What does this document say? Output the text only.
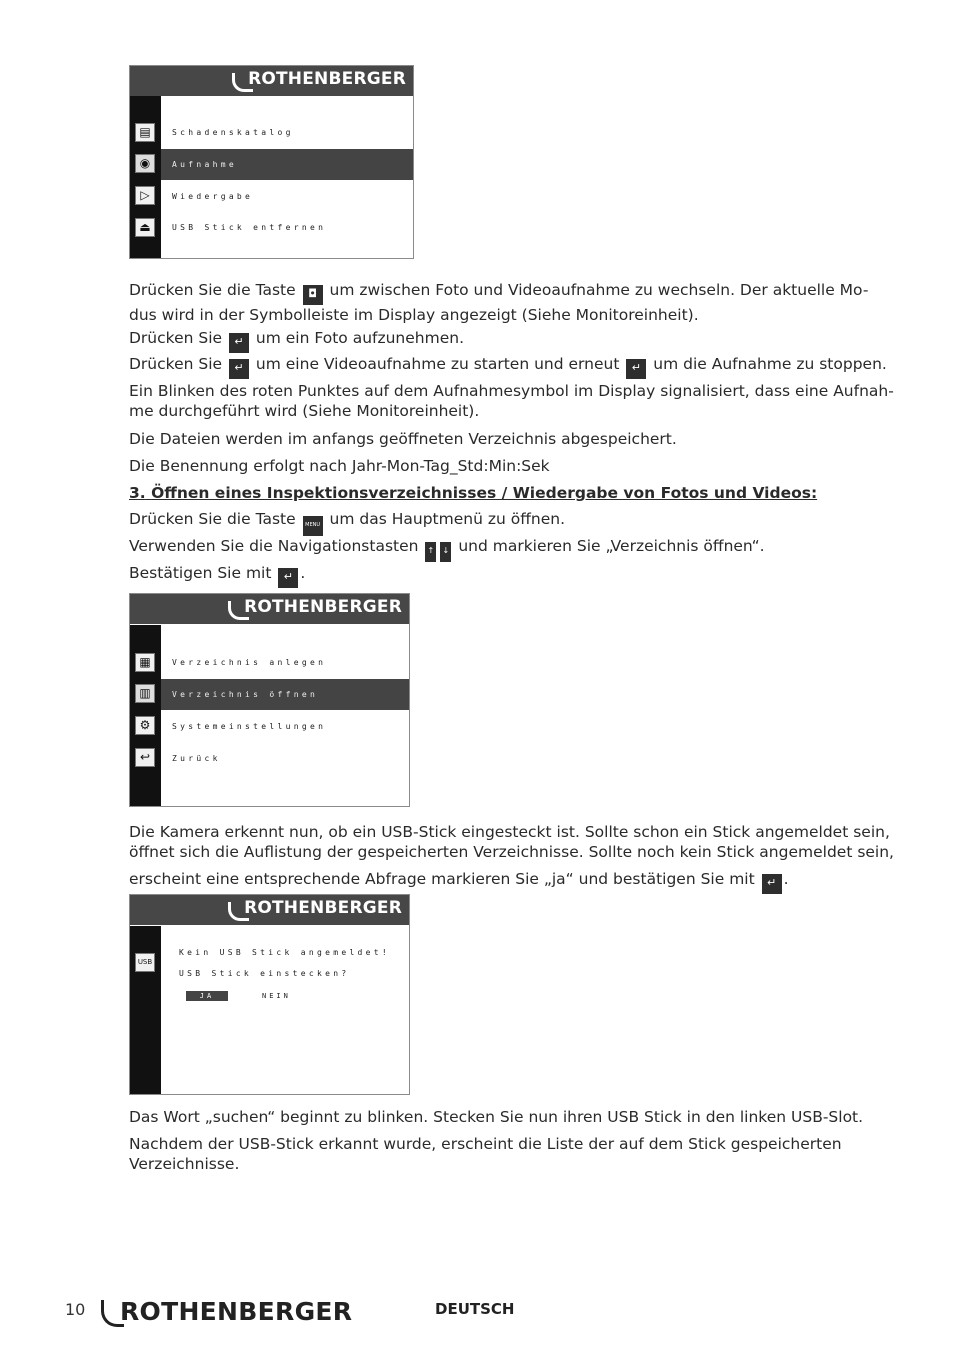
ROTHENBERGER
▤
◉
▷
⏏
Schadenskatalog
Aufnahme
Wiedergabe
USB Stick entfernen
Drücken Sie die Taste ◘ um zwischen Foto und Videoaufnahme zu wechseln. Der aktuelle Mo-
dus wird in der Symbolleiste im Display angezeigt (Siehe Monitoreinheit).
Drücken Sie ↵ um ein Foto aufzunehmen.
Drücken Sie ↵ um eine Videoaufnahme zu starten und erneut ↵ um die Aufnahme zu stoppen.
Ein Blinken des roten Punktes auf dem Aufnahmesymbol im Display signalisiert, dass eine Aufnah-
me durchgeführt wird (Siehe Monitoreinheit).
Die Dateien werden im anfangs geöffneten Verzeichnis abgespeichert.
Die Benennung erfolgt nach Jahr-Mon-Tag_Std:Min:Sek
3. Öffnen eines Inspektionsverzeichnisses / Wiedergabe von Fotos und Videos:
Drücken Sie die Taste MENU um das Hauptmenü zu öffnen.
Verwenden Sie die Navigationstasten ↑ ↓ und markieren Sie „Verzeichnis öffnen“.
Bestätigen Sie mit ↵ .
ROTHENBERGER
▦
▥
⚙
↩
Verzeichnis anlegen
Verzeichnis öffnen
Systemeinstellungen
Zurück
Die Kamera erkennt nun, ob ein USB-Stick eingesteckt ist. Sollte schon ein Stick angemeldet sein,
öffnet sich die Auflistung der gespeicherten Verzeichnisse. Sollte noch kein Stick angemeldet sein,
erscheint eine entsprechende Abfrage markieren Sie „ja“ und bestätigen Sie mit ↵ .
ROTHENBERGER
USB
Kein USB Stick angemeldet!
USB Stick einstecken?
JA	NEIN
Das Wort „suchen“ beginnt zu blinken. Stecken Sie nun ihren USB Stick in den linken USB-Slot.
Nachdem der USB-Stick erkannt wurde, erscheint die Liste der auf dem Stick gespeicherten
Verzeichnisse.
10 ROTHENBERGER	DEUTSCH
